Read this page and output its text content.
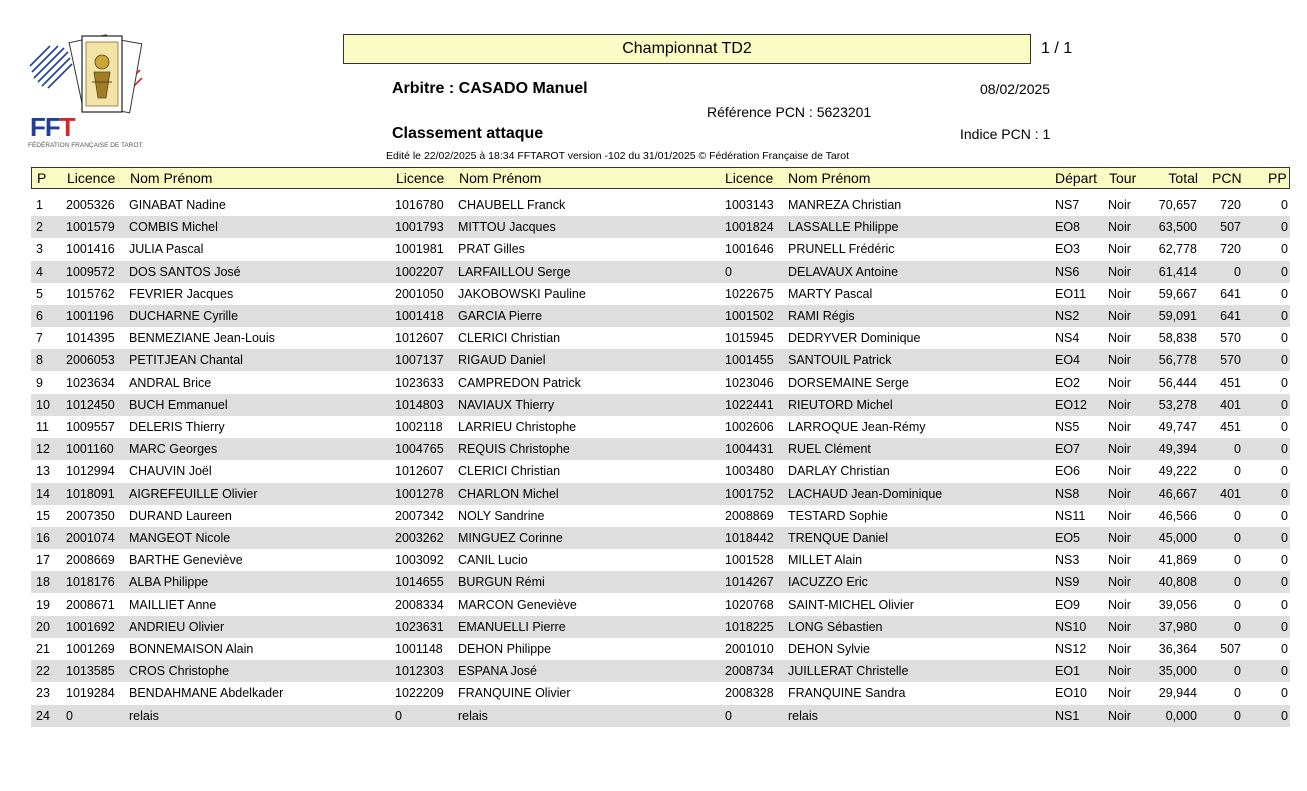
FFT
FÉDÉRATION FRANÇAISE DE TAROT
Championnat TD2	1 / 1
Arbitre : CASADO Manuel	08/02/2025
Référence PCN : 5623201
Classement attaque	Indice PCN : 1
Edité le 22/02/2025 à 18:34 FFTAROT version -102 du 31/01/2025 © Fédération Française de Tarot
P Licence Nom Prénom	Licence Nom Prénom	Licence Nom Prénom	Départ Tour	Total PCN PP
1 2005326 GINABAT Nadine	1016780 CHAUBELL Franck	1003143 MANREZA Christian	NS7 Noir	70,657	720	0
2 1001579 COMBIS Michel	1001793 MITTOU Jacques	1001824 LASSALLE Philippe	EO8 Noir	63,500	507	0
3 1001416 JULIA Pascal	1001981 PRAT Gilles	1001646 PRUNELL Frédéric	EO3 Noir	62,778	720	0
4 1009572 DOS SANTOS José	1002207 LARFAILLOU Serge	0	DELAVAUX Antoine	NS6 Noir	61,414	0	0
5 1015762 FEVRIER Jacques	2001050 JAKOBOWSKI Pauline	1022675 MARTY Pascal	EO11 Noir	59,667	641	0
6 1001196 DUCHARNE Cyrille	1001418 GARCIA Pierre	1001502 RAMI Régis	NS2 Noir	59,091	641	0
7 1014395 BENMEZIANE Jean-Louis	1012607 CLERICI Christian	1015945 DEDRYVER Dominique	NS4 Noir	58,838	570	0
8 2006053 PETITJEAN Chantal	1007137 RIGAUD Daniel	1001455 SANTOUIL Patrick	EO4 Noir	56,778	570	0
9 1023634 ANDRAL Brice	1023633 CAMPREDON Patrick	1023046 DORSEMAINE Serge	EO2 Noir	56,444	451	0
10 1012450 BUCH Emmanuel	1014803 NAVIAUX Thierry	1022441 RIEUTORD Michel	EO12 Noir	53,278	401	0
11 1009557 DELERIS Thierry	1002118 LARRIEU Christophe	1002606 LARROQUE Jean-Rémy	NS5 Noir	49,747	451	0
12 1001160 MARC Georges	1004765 REQUIS Christophe	1004431 RUEL Clément	EO7 Noir	49,394	0	0
13 1012994 CHAUVIN Joël	1012607 CLERICI Christian	1003480 DARLAY Christian	EO6 Noir	49,222	0	0
14 1018091 AIGREFEUILLE Olivier	1001278 CHARLON Michel	1001752 LACHAUD Jean-Dominique	NS8 Noir	46,667	401	0
15 2007350 DURAND Laureen	2007342 NOLY Sandrine	2008869 TESTARD Sophie	NS11 Noir	46,566	0	0
16 2001074 MANGEOT Nicole	2003262 MINGUEZ Corinne	1018442 TRENQUE Daniel	EO5 Noir	45,000	0	0
17 2008669 BARTHE Geneviève	1003092 CANIL Lucio	1001528 MILLET Alain	NS3 Noir	41,869	0	0
18 1018176 ALBA Philippe	1014655 BURGUN Rémi	1014267 IACUZZO Eric	NS9 Noir	40,808	0	0
19 2008671 MAILLIET Anne	2008334 MARCON Geneviève	1020768 SAINT-MICHEL Olivier	EO9 Noir	39,056	0	0
20 1001692 ANDRIEU Olivier	1023631 EMANUELLI Pierre	1018225 LONG Sébastien	NS10 Noir	37,980	0	0
21 1001269 BONNEMAISON Alain	1001148 DEHON Philippe	2001010 DEHON Sylvie	NS12 Noir	36,364	507	0
22 1013585 CROS Christophe	1012303 ESPANA José	2008734 JUILLERAT Christelle	EO1 Noir	35,000	0	0
23 1019284 BENDAHMANE Abdelkader	1022209 FRANQUINE Olivier	2008328 FRANQUINE Sandra	EO10 Noir	29,944	0	0
24 0	relais	0	relais	0	relais	NS1 Noir	0,000	0	0
